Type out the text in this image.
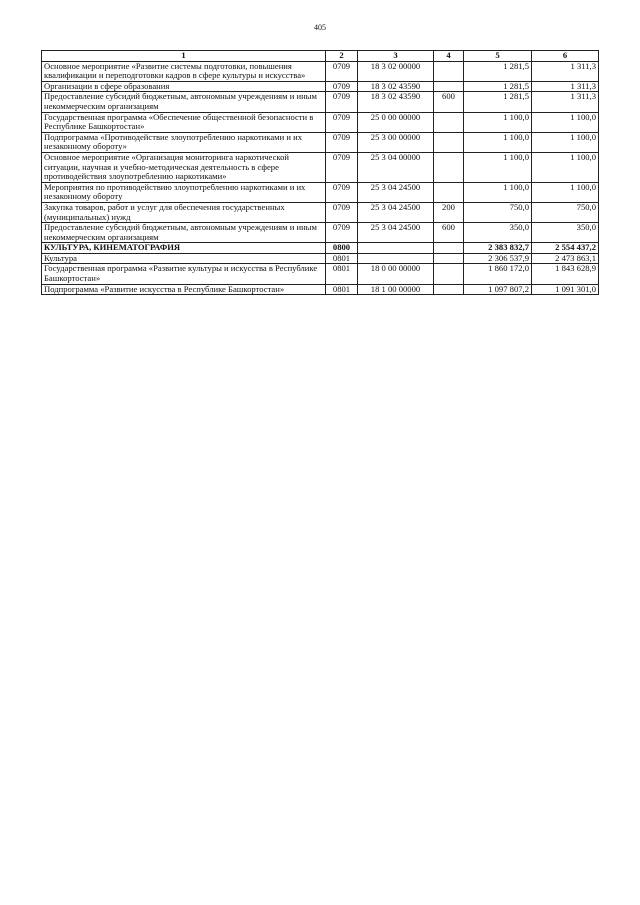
405
1	2	3	4	5	6
Основное мероприятие «Развитие системы подготовки, повышения квалификации и переподготовки кадров в сфере культуры и искусства»	0709	18 3 02 00000		1 281,5	1 311,3
Организации в сфере образования	0709	18 3 02 43590		1 281,5	1 311,3
Предоставление субсидий бюджетным, автономным учреждениям и иным некоммерческим организациям	0709	18 3 02 43590	600	1 281,5	1 311,3
Государственная программа «Обеспечение общественной безопасности в Республике Башкортостан»	0709	25 0 00 00000		1 100,0	1 100,0
Подпрограмма «Противодействие злоупотреблению наркотиками и их незаконному обороту»	0709	25 3 00 00000		1 100,0	1 100,0
Основное мероприятие «Организация мониторинга наркотической ситуации, научная и учебно-методическая деятельность в сфере противодействия злоупотреблению наркотиками»	0709	25 3 04 00000		1 100,0	1 100,0
Мероприятия по противодействию злоупотреблению наркотиками и их незаконному обороту	0709	25 3 04 24500		1 100,0	1 100,0
Закупка товаров, работ и услуг для обеспечения государственных (муниципальных) нужд	0709	25 3 04 24500	200	750,0	750,0
Предоставление субсидий бюджетным, автономным учреждениям и иным некоммерческим организациям	0709	25 3 04 24500	600	350,0	350,0
КУЛЬТУРА, КИНЕМАТОГРАФИЯ	0800			2 383 832,7	2 554 437,2
Культура	0801			2 306 537,9	2 473 863,1
Государственная программа «Развитие культуры и искусства в Республике Башкортостан»	0801	18 0 00 00000		1 860 172,0	1 843 628,9
Подпрограмма «Развитие искусства в Республике Башкортостан»	0801	18 1 00 00000		1 097 807,2	1 091 301,0
